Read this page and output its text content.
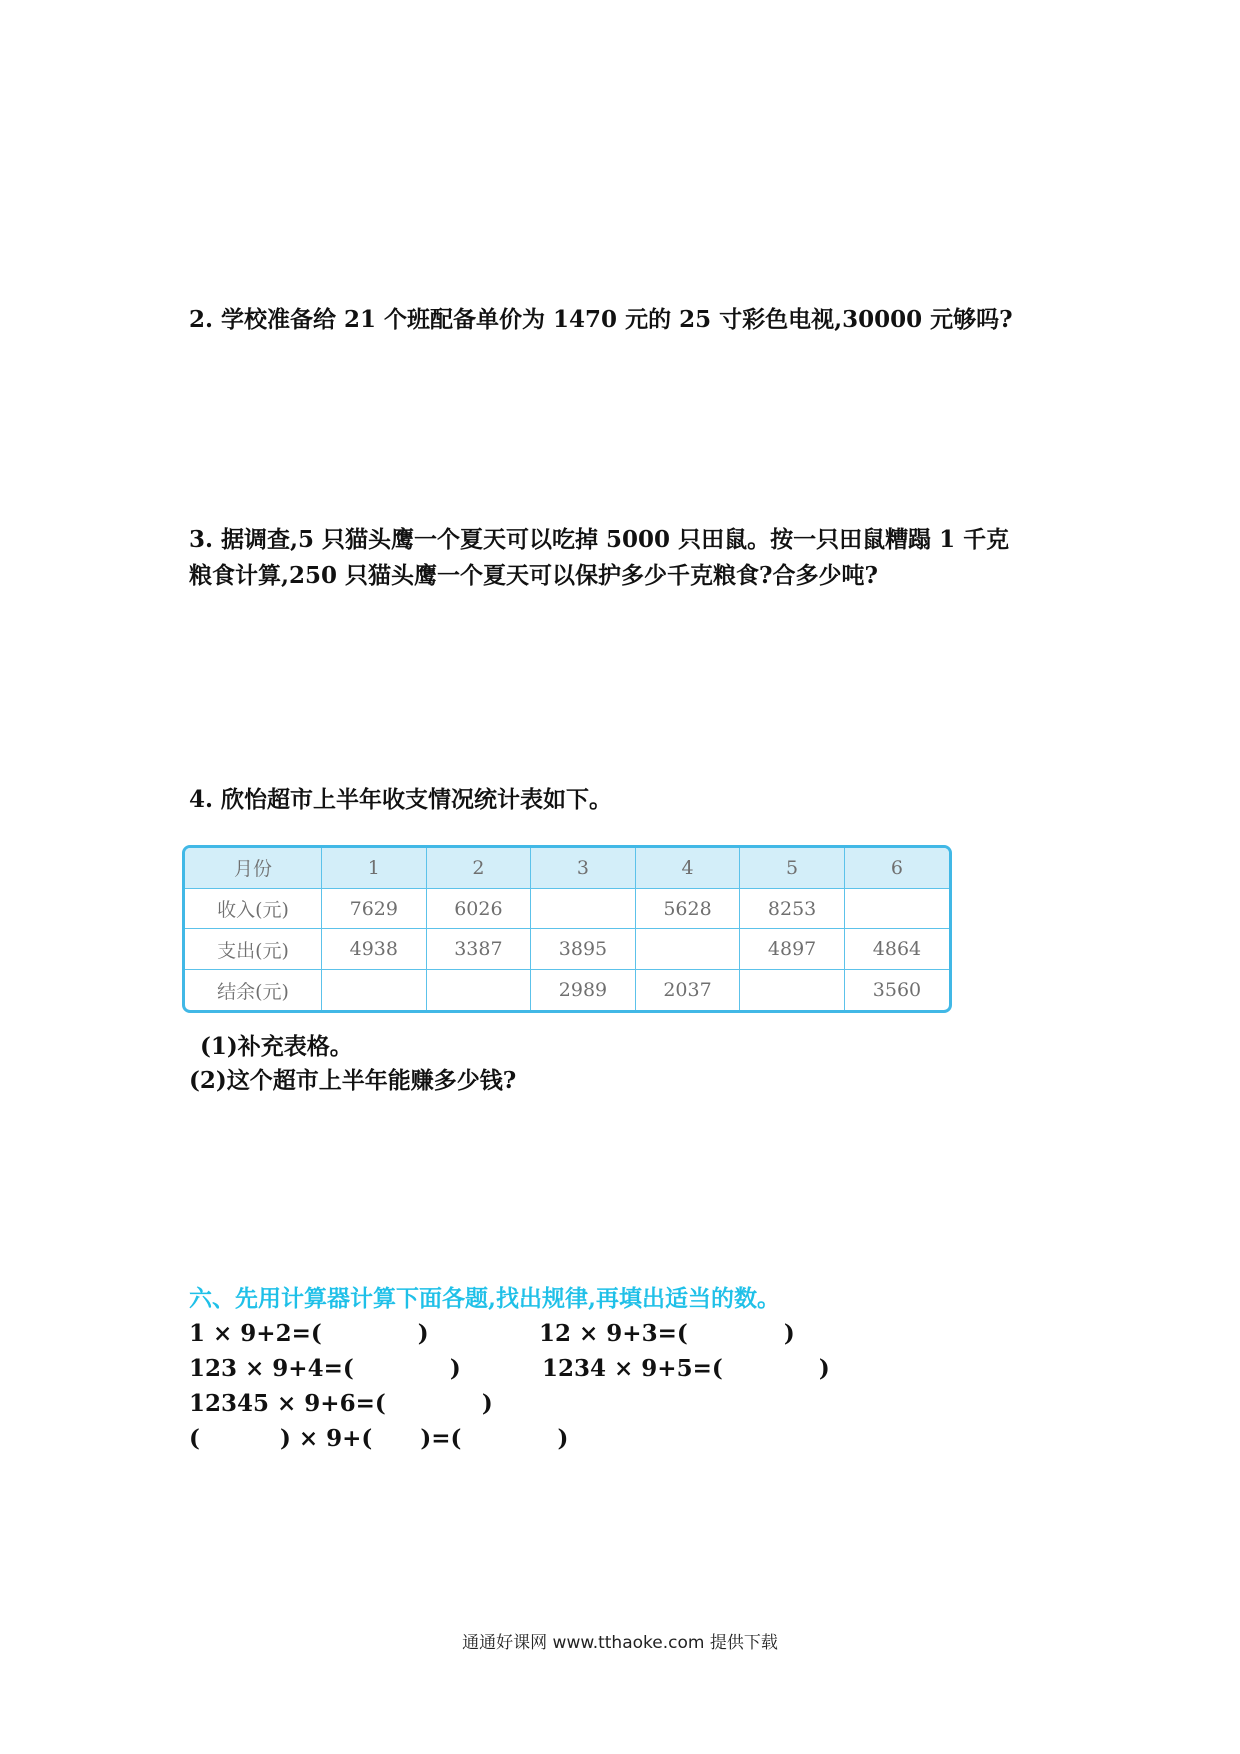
2. 学校准备给 21 个班配备单价为 1470 元的 25 寸彩色电视,30000 元够吗?

3. 据调查,5 只猫头鹰一个夏天可以吃掉 5000 只田鼠。按一只田鼠糟蹋 1 千克
粮食计算,250 只猫头鹰一个夏天可以保护多少千克粮食?合多少吨?

4. 欣怡超市上半年收支情况统计表如下。

月份	1	2	3	4	5	6
收入(元)	7629	6026		5628	8253	
支出(元)	4938	3387	3895		4897	4864
结余(元)			2989	2037		3560

(1)补充表格。

(2)这个超市上半年能赚多少钱?

六、先用计算器计算下面各题,找出规律,再填出适当的数。

1 × 9+2=(            )	12 × 9+3=(            )

123 × 9+4=(            )	1234 × 9+5=(            )

12345 × 9+6=(            )

(          ) × 9+(      )=(            )

通通好课网 www.tthaoke.com 提供下载
